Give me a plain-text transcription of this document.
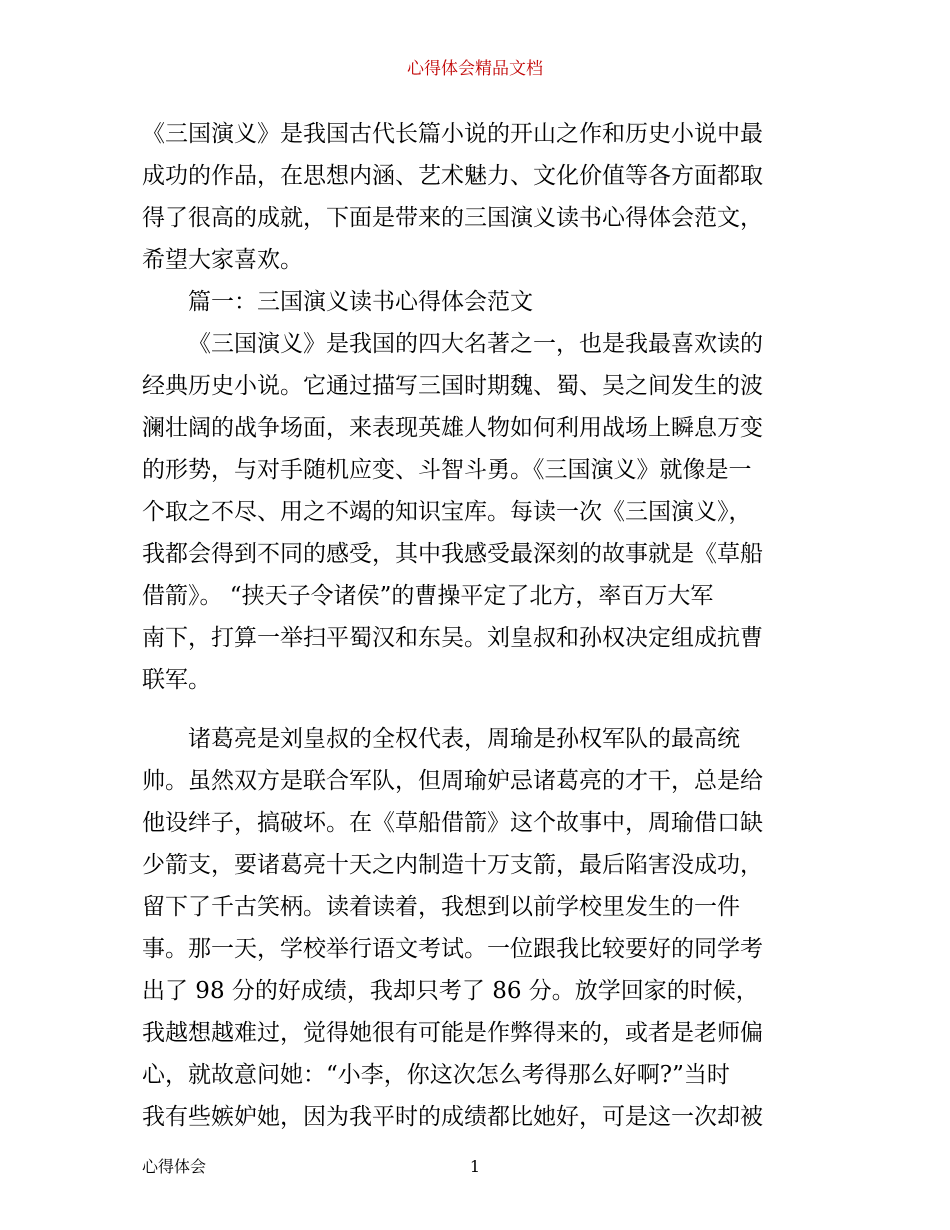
心得体会精品文档
《三国演义》是我国古代长篇小说的开山之作和历史小说中最
成功的作品，在思想内涵、艺术魅力、文化价值等各方面都取
得了很高的成就，下面是带来的三国演义读书心得体会范文，
希望大家喜欢。
篇一：三国演义读书心得体会范文
《三国演义》是我国的四大名著之一，也是我最喜欢读的
经典历史小说。它通过描写三国时期魏、蜀、吴之间发生的波
澜壮阔的战争场面，来表现英雄人物如何利用战场上瞬息万变
的形势，与对手随机应变、斗智斗勇。《三国演义》就像是一
个取之不尽、用之不竭的知识宝库。每读一次《三国演义》，
我都会得到不同的感受，其中我感受最深刻的故事就是《草船
借箭》。 “挟天子令诸侯”的曹操平定了北方，率百万大军
南下，打算一举扫平蜀汉和东吴。刘皇叔和孙权决定组成抗曹
联军。
诸葛亮是刘皇叔的全权代表，周瑜是孙权军队的最高统
帅。虽然双方是联合军队，但周瑜妒忌诸葛亮的才干，总是给
他设绊子，搞破坏。在《草船借箭》这个故事中，周瑜借口缺
少箭支，要诸葛亮十天之内制造十万支箭，最后陷害没成功，
留下了千古笑柄。读着读着，我想到以前学校里发生的一件
事。那一天，学校举行语文考试。一位跟我比较要好的同学考
出了 98 分的好成绩，我却只考了 86 分。放学回家的时候，
我越想越难过，觉得她很有可能是作弊得来的，或者是老师偏
心，就故意问她：“小李，你这次怎么考得那么好啊?”当时
我有些嫉妒她，因为我平时的成绩都比她好，可是这一次却被
心得体会	1
